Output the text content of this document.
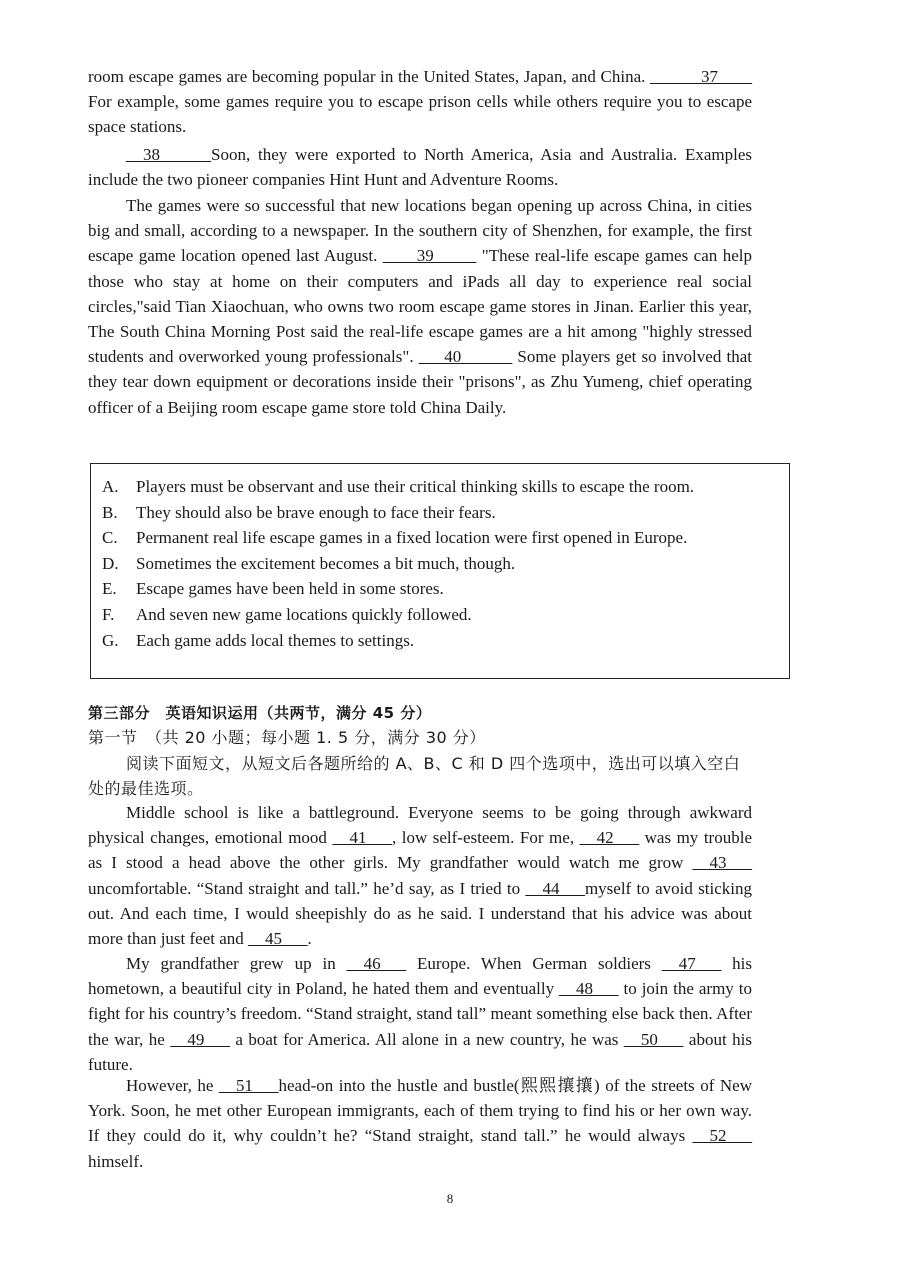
room escape games are becoming popular in the United States, Japan, and China. ______37____ For example, some games require you to escape prison cells while others require you to escape space stations.

__38______Soon, they were exported to North America, Asia and Australia. Examples include the two pioneer companies Hint Hunt and Adventure Rooms.

The games were so successful that new locations began opening up across China, in cities big and small, according to a newspaper. In the southern city of Shenzhen, for example, the first escape game location opened last August. ____39_____ "These real-life escape games can help those who stay at home on their computers and iPads all day to experience real social circles,"said Tian Xiaochuan, who owns two room escape game stores in Jinan. Earlier this year, The South China Morning Post said the real-life escape games are a hit among "highly stressed students and overworked young professionals". ___40______ Some players get so involved that they tear down equipment or decorations inside their "prisons", as Zhu Yumeng, chief operating officer of a Beijing room escape game store told China Daily.

A. Players must be observant and use their critical thinking skills to escape the room.
B. They should also be brave enough to face their fears.
C. Permanent real life escape games in a fixed location were first opened in Europe.
D. Sometimes the excitement becomes a bit much, though.
E. Escape games have been held in some stores.
F. And seven new game locations quickly followed.
G. Each game adds local themes to settings.

第三部分　英语知识运用（共两节，满分 45 分）

第一节　（共 20 小题；每小题 1. 5 分，满分 30 分）

阅读下面短文，从短文后各题所给的 A、B、C 和 D 四个选项中，选出可以填入空白处的最佳选项。

Middle school is like a battleground. Everyone seems to be going through awkward physical changes, emotional mood __41___, low self-esteem. For me, __42___ was my trouble as I stood a head above the other girls. My grandfather would watch me grow __43___ uncomfortable. “Stand straight and tall.” he’d say, as I tried to __44___myself to avoid sticking out. And each time, I would sheepishly do as he said. I understand that his advice was about more than just feet and __45___.

My grandfather grew up in __46___ Europe. When German soldiers __47___ his hometown, a beautiful city in Poland, he hated them and eventually __48___ to join the army to fight for his country’s freedom. “Stand straight, stand tall” meant something else back then. After the war, he __49___ a boat for America. All alone in a new country, he was __50___ about his future.

However, he __51___head-on into the hustle and bustle(熙熙攘攘) of the streets of New York. Soon, he met other European immigrants, each of them trying to find his or her own way. If they could do it, why couldn’t he? “Stand straight, stand tall.” he would always __52___ himself.

8
